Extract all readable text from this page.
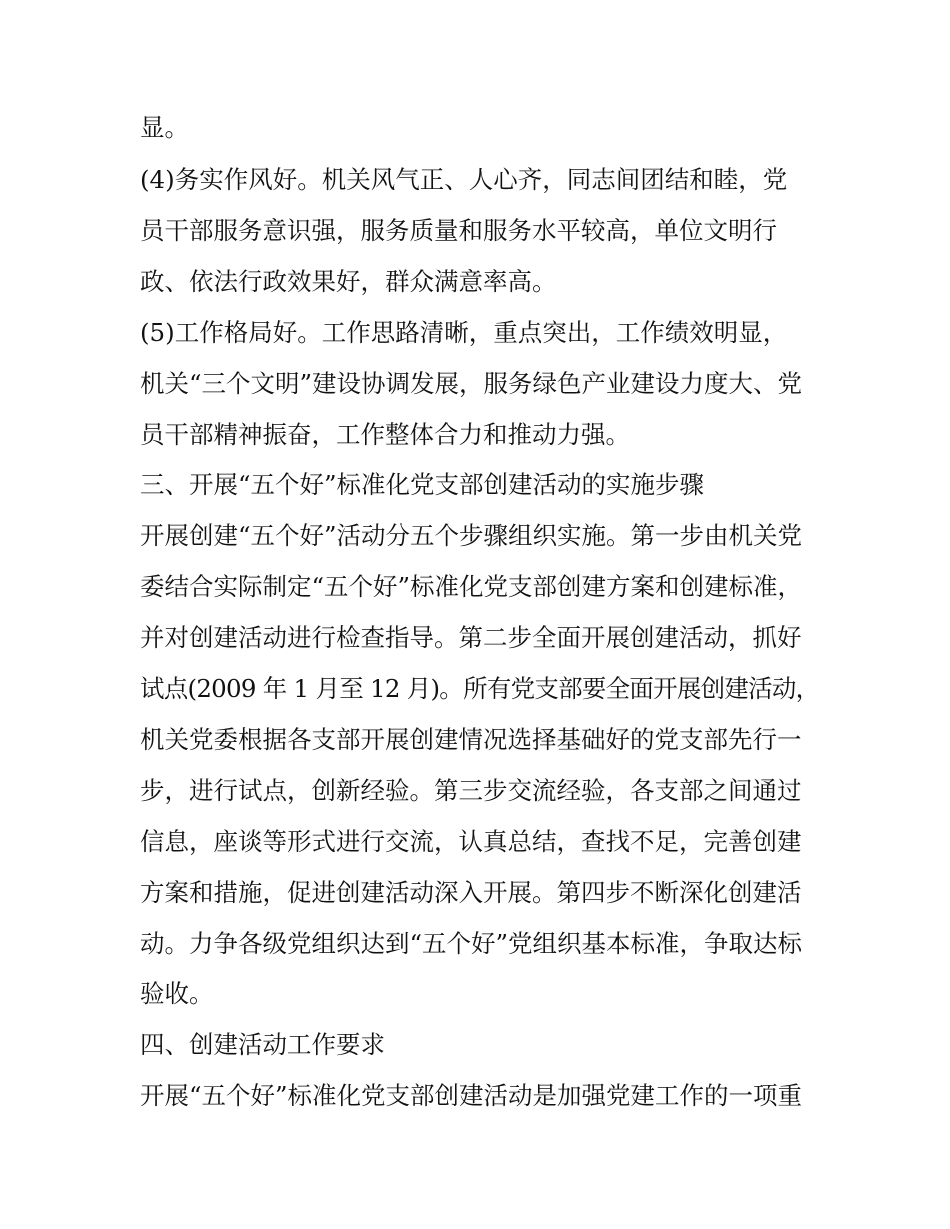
显。

(4)务实作风好。机关风气正、人心齐，同志间团结和睦，党

员干部服务意识强，服务质量和服务水平较高，单位文明行

政、依法行政效果好，群众满意率高。

(5)工作格局好。工作思路清晰，重点突出，工作绩效明显，

机关“三个文明”建设协调发展，服务绿色产业建设力度大、党

员干部精神振奋，工作整体合力和推动力强。

三、开展“五个好”标准化党支部创建活动的实施步骤

开展创建“五个好”活动分五个步骤组织实施。第一步由机关党

委结合实际制定“五个好”标准化党支部创建方案和创建标准，

并对创建活动进行检查指导。第二步全面开展创建活动，抓好

试点(2009 年 1 月至 12 月)。所有党支部要全面开展创建活动，

机关党委根据各支部开展创建情况选择基础好的党支部先行一

步，进行试点，创新经验。第三步交流经验，各支部之间通过

信息，座谈等形式进行交流，认真总结，查找不足，完善创建

方案和措施，促进创建活动深入开展。第四步不断深化创建活

动。力争各级党组织达到“五个好”党组织基本标准，争取达标

验收。

四、创建活动工作要求

开展“五个好”标准化党支部创建活动是加强党建工作的一项重
